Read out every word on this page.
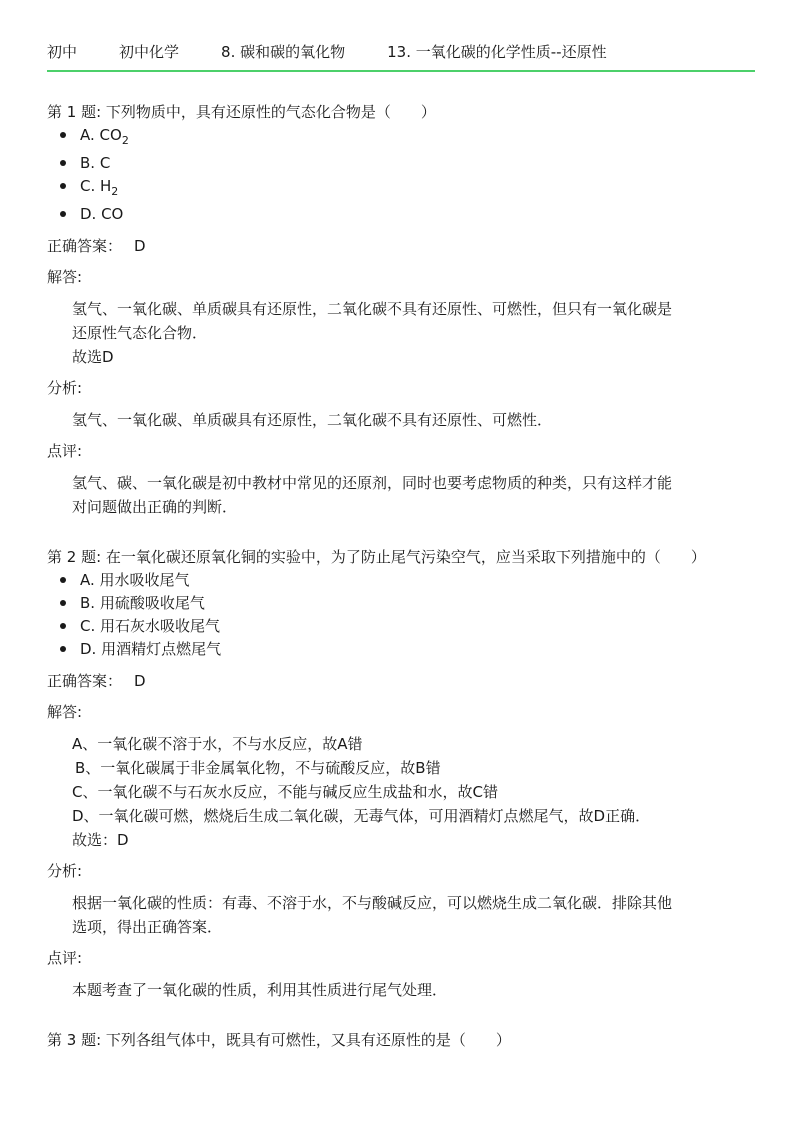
初中	初中化学	8. 碳和碳的氧化物	13. 一氧化碳的化学性质--还原性
第 1 题: 下列物质中，具有还原性的气态化合物是（　　）
A. $CO_2$
B. C
C. $H_2$
D. CO
正确答案： D
解答:

氢气、一氧化碳、单质碳具有还原性，二氧化碳不具有还原性、可燃性，但只有一氧化碳是

还原性气态化合物．

故选D

分析:

氢气、一氧化碳、单质碳具有还原性，二氧化碳不具有还原性、可燃性．

点评:

氢气、碳、一氧化碳是初中教材中常见的还原剂，同时也要考虑物质的种类，只有这样才能

对问题做出正确的判断．

第 2 题: 在一氧化碳还原氧化铜的实验中，为了防止尾气污染空气，应当采取下列措施中的（　　）
A. 用水吸收尾气
B. 用硫酸吸收尾气
C. 用石灰水吸收尾气
D. 用酒精灯点燃尾气
正确答案： D
解答:

A、一氧化碳不溶于水，不与水反应，故A错

B、一氧化碳属于非金属氧化物，不与硫酸反应，故B错

C、一氧化碳不与石灰水反应，不能与碱反应生成盐和水，故C错

D、一氧化碳可燃，燃烧后生成二氧化碳，无毒气体，可用酒精灯点燃尾气，故D正确．

故选：D

分析:

根据一氧化碳的性质：有毒、不溶于水，不与酸碱反应，可以燃烧生成二氧化碳．排除其他

选项，得出正确答案．

点评:

本题考查了一氧化碳的性质，利用其性质进行尾气处理．

第 3 题: 下列各组气体中，既具有可燃性，又具有还原性的是（　　）
